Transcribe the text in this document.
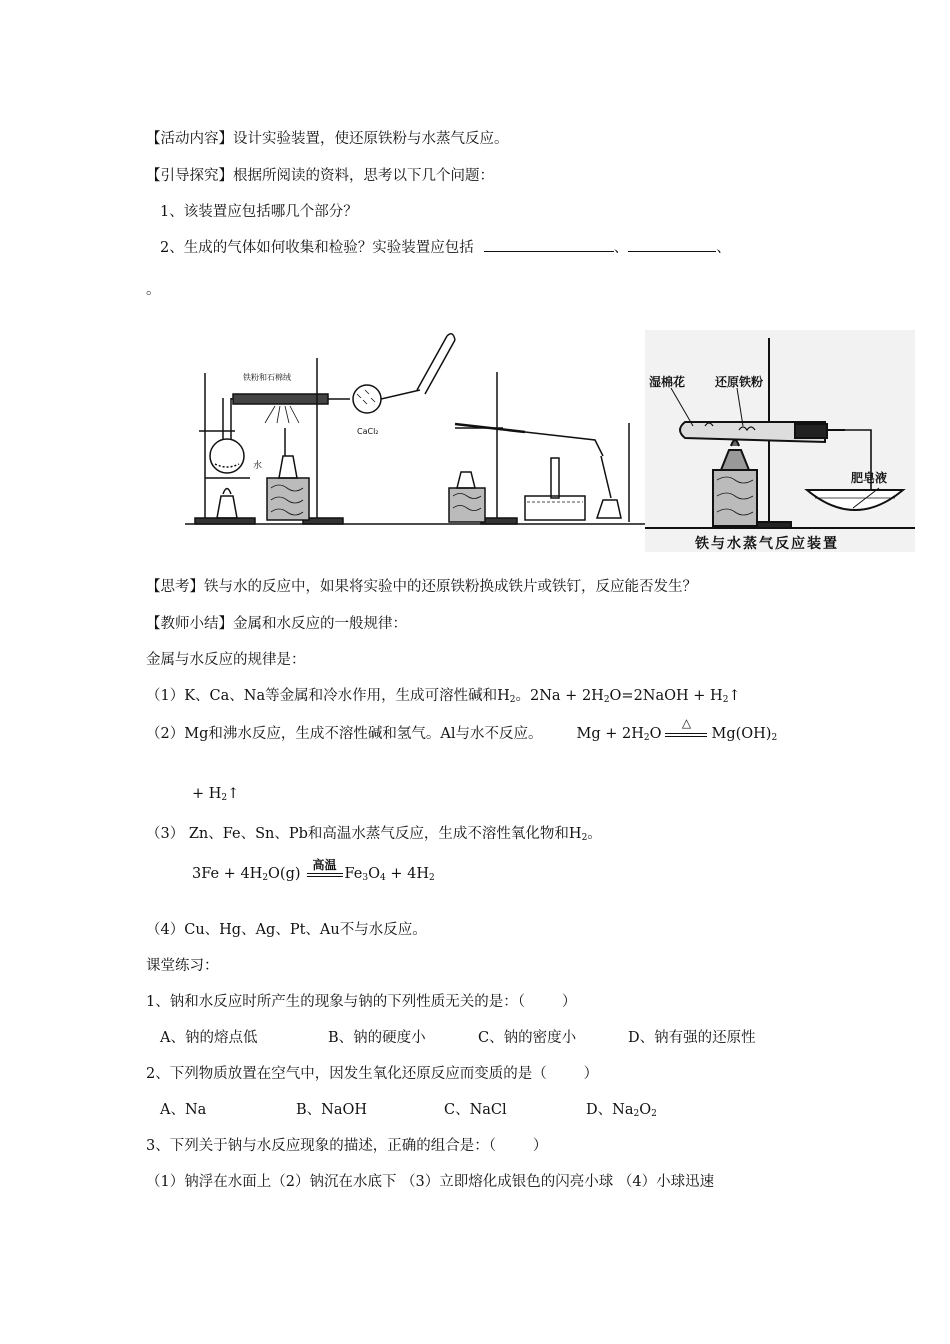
【活动内容】设计实验装置，使还原铁粉与水蒸气反应。
【引导探究】根据所阅读的资料，思考以下几个问题：
1、该装置应包括哪几个部分？
2、生成的气体如何收集和检验？实验装置应包括	、	、
。
铁粉和石棉绒
水
CaCl₂
湿棉花 还原铁粉
肥皂液
铁与水蒸气反应装置
【思考】铁与水的反应中，如果将实验中的还原铁粉换成铁片或铁钉，反应能否发生？
【教师小结】金属和水反应的一般规律：
金属与水反应的规律是：
（1）K、Ca、Na等金属和冷水作用，生成可溶性碱和$H_2$。$2Na + 2H_2O=2NaOH$ + $H_2↑$
（2）Mg和沸水反应，生成不溶性碱和氢气。Al与水不反应。 $Mg + 2H_2O$
△
$Mg(OH)_2$
+ $H_2↑$
（3） Zn、Fe、Sn、Pb和高温水蒸气反应，生成不溶性氧化物和$H_2$。
$3Fe + 4H_2O(g)$
高温
$Fe_3O_4 + 4H_2$
（4）Cu、Hg、Ag、Pt、Au不与水反应。
课堂练习：
1、钠和水反应时所产生的现象与钠的下列性质无关的是：（        ）
A、钠的熔点低	B、钠的硬度小	C、钠的密度小	D、钠有强的还原性
2、下列物质放置在空气中，因发生氧化还原反应而变质的是（        ）
A、Na	B、NaOH	C、NaCl	D、$Na_2O_2$
3、下列关于钠与水反应现象的描述，正确的组合是：（        ）
（1）钠浮在水面上（2）钠沉在水底下 （3）立即熔化成银色的闪亮小球 （4）小球迅速
